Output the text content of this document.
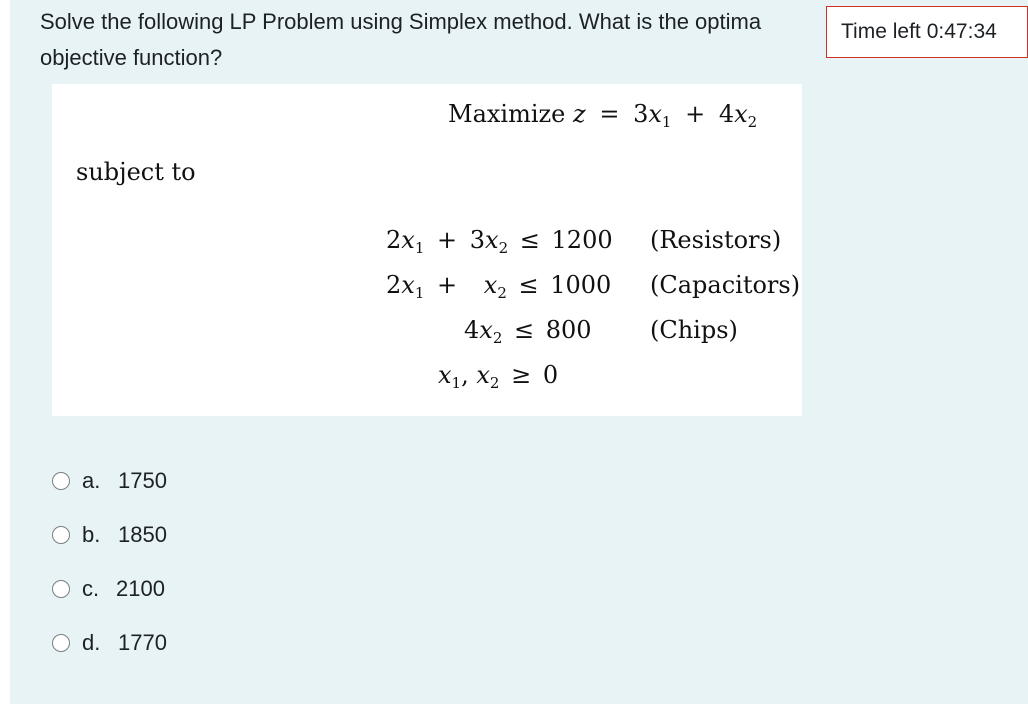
Solve the following LP Problem using Simplex method. What is the optima
objective function?
Time left 0:47:34
Maximize $z = 3x_1 + 4x_2$
subject to
$2x_1 + 3x_2 \le 1200$ (Resistors)
$2x_1 + x_2 \le 1000$ (Capacitors)
$4x_2 \le 800$ (Chips)
$x_1$, $x_2 \ge 0$
a. 1750
b. 1850
c. 2100
d. 1770
